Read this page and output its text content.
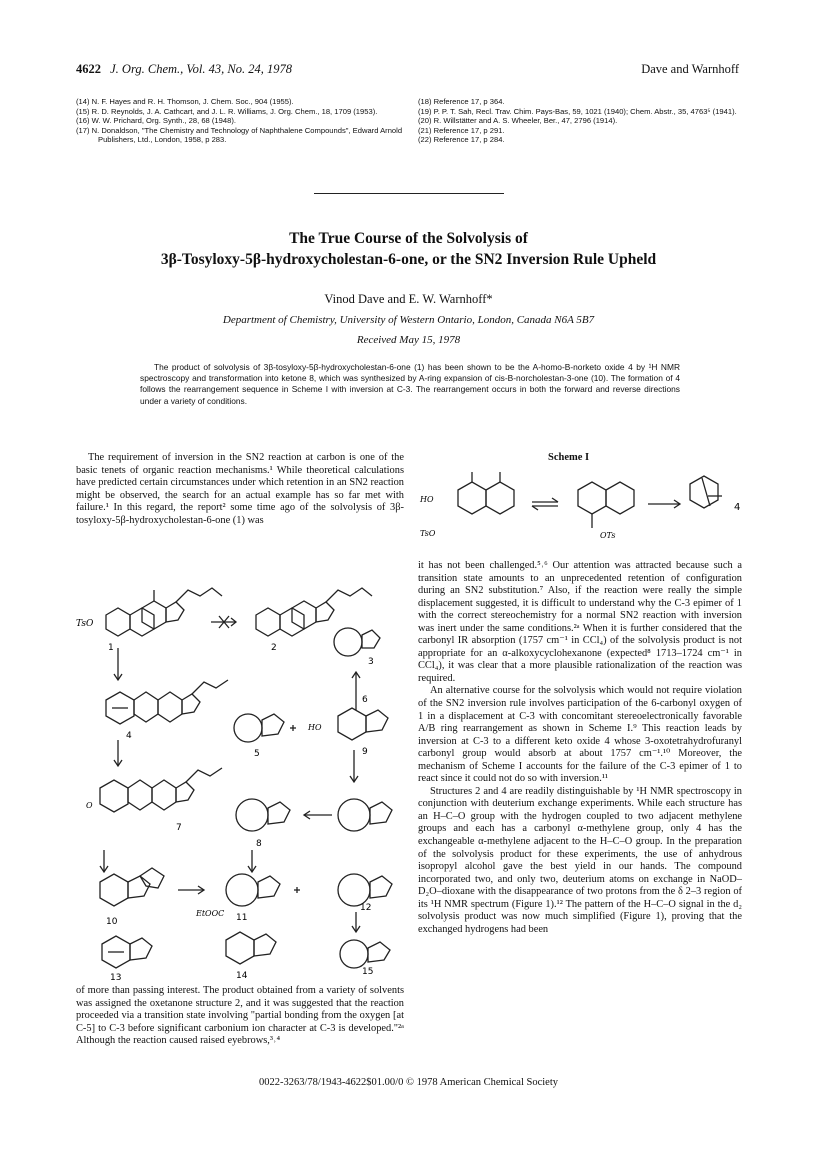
4622 J. Org. Chem., Vol. 43, No. 24, 1978	Dave and Warnhoff
(14) N. F. Hayes and R. H. Thomson, J. Chem. Soc., 904 (1955).
(15) R. D. Reynolds, J. A. Cathcart, and J. L. R. Williams, J. Org. Chem., 18, 1709 (1953).
(16) W. W. Prichard, Org. Synth., 28, 68 (1948).
(17) N. Donaldson, "The Chemistry and Technology of Naphthalene Compounds", Edward Arnold Publishers, Ltd., London, 1958, p 283.
(18) Reference 17, p 364.
(19) P. P. T. Sah, Recl. Trav. Chim. Pays-Bas, 59, 1021 (1940); Chem. Abstr., 35, 4763⁵ (1941).
(20) R. Willstätter and A. S. Wheeler, Ber., 47, 2796 (1914).
(21) Reference 17, p 291.
(22) Reference 17, p 284.
The True Course of the Solvolysis of
3β-Tosyloxy-5β-hydroxycholestan-6-one, or the SN2 Inversion Rule Upheld
Vinod Dave and E. W. Warnhoff*
Department of Chemistry, University of Western Ontario, London, Canada N6A 5B7
Received May 15, 1978
The product of solvolysis of 3β-tosyloxy-5β-hydroxycholestan-6-one (1) has been shown to be the A-homo-B-norketo oxide 4 by ¹H NMR spectroscopy and transformation into ketone 8, which was synthesized by A-ring expansion of cis-B-norcholestan-3-one (10). The formation of 4 follows the rearrangement sequence in Scheme I with inversion at C-3. The rearrangement occurs in both the forward and reverse directions under a variety of conditions.

The requirement of inversion in the SN2 reaction at carbon is one of the basic tenets of organic reaction mechanisms.¹ While theoretical calculations have predicted certain circumstances under which retention in an SN2 reaction might be observed, the search for an actual example has so far met with failure.¹ In this regard, the report² some time ago of the solvolysis of 3β-tosyloxy-5β-hydroxycholestan-6-one (1) was

TsO
1	2
3
4
5
HO
6
9
O
7
8
10
EtOOC 11
12
13	14	15

of more than passing interest. The product obtained from a variety of solvents was assigned the oxetanone structure 2, and it was suggested that the reaction proceeded via a transition state involving "partial bonding from the oxygen [at C-5] to C-3 before significant carbonium ion character at C-3 is developed."²ᵃ Although the reaction caused raised eyebrows,³˒⁴

Scheme I
HO
TsO	OTs
4

it has not been challenged.⁵˒⁶ Our attention was attracted because such a transition state amounts to an unprecedented retention of configuration during an SN2 substitution.⁷ Also, if the reaction were really the simple displacement suggested, it is difficult to understand why the C-3 epimer of 1 with the correct stereochemistry for a normal SN2 reaction with inversion was inert under the same conditions.²ᵃ When it is further considered that the carbonyl IR absorption (1757 cm⁻¹ in CCl₄) of the solvolysis product is not appropriate for an α-alkoxycyclohexanone (expected⁸ 1713–1724 cm⁻¹ in CCl₄), it was clear that a more plausible rationalization of the reaction was required.

An alternative course for the solvolysis which would not require violation of the SN2 inversion rule involves participation of the 6-carbonyl oxygen of 1 in a displacement at C-3 with concomitant stereoelectronically favorable A/B ring rearrangement as shown in Scheme I.⁹ This reaction leads by inversion at C-3 to a different keto oxide 4 whose 3-oxotetrahydrofuranyl carbonyl group would absorb at about 1757 cm⁻¹.¹⁰ Moreover, the mechanism of Scheme I accounts for the failure of the C-3 epimer of 1 to react since it could not do so with inversion.¹¹

Structures 2 and 4 are readily distinguishable by ¹H NMR spectroscopy in conjunction with deuterium exchange experiments. While each structure has an H–C–O group with the hydrogen coupled to two adjacent methylene groups and each has a carbonyl α-methylene group, only 4 has the exchangeable α-methylene adjacent to the H–C–O group. In the preparation of the solvolysis product for these experiments, the use of anhydrous isopropyl alcohol gave the best yield in our hands. The compound incorporated two, and only two, deuterium atoms on exchange in NaOD–D₂O–dioxane with the disappearance of two protons from the δ 2–3 region of its ¹H NMR spectrum (Figure 1).¹² The pattern of the H–C–O signal in the d₂ solvolysis product was now much simplified (Figure 1), proving that the exchanged hydrogens had been

0022-3263/78/1943-4622$01.00/0 © 1978 American Chemical Society
